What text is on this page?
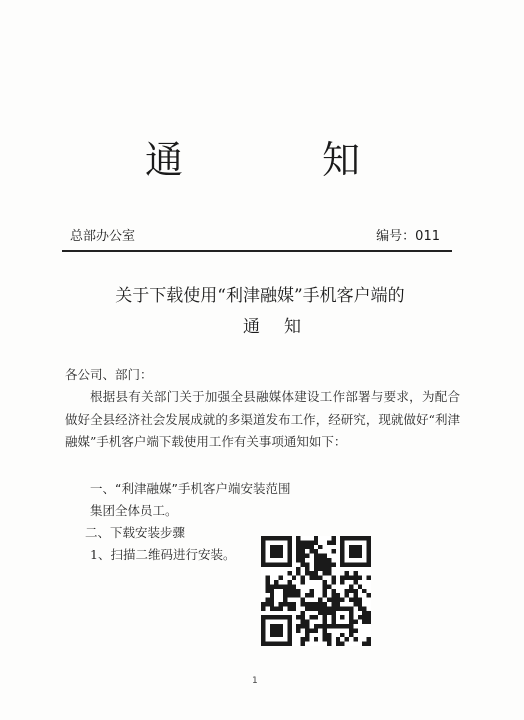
通	知
总部办公室	编号：011
关于下载使用“利津融媒”手机客户端的
通知
各公司、部门：
根据县有关部门关于加强全县融媒体建设工作部署与要求，为配合做好全县经济社会发展成就的多渠道发布工作，经研究，现就做好“利津融媒”手机客户端下载使用工作有关事项通知如下：
一、“利津融媒”手机客户端安装范围
集团全体员工。
二、下载安装步骤
1、扫描二维码进行安装。
1
